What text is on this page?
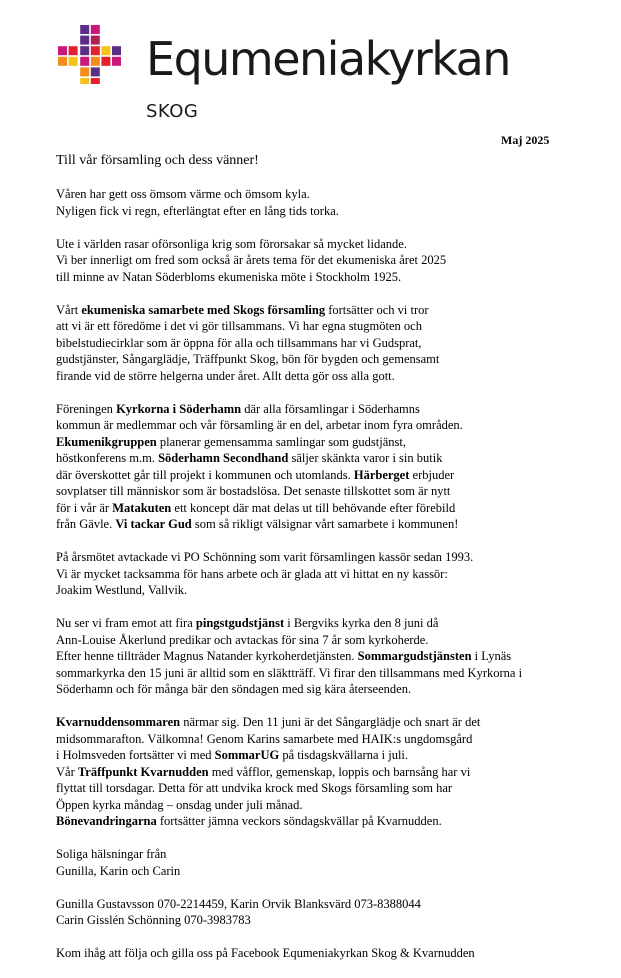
Equmeniakyrkan
SKOG
Maj 2025
Till vår församling och dess vänner!

Våren har gett oss ömsom värme och ömsom kyla.
Nyligen fick vi regn, efterlängtat efter en lång tids torka.

Ute i världen rasar oförsonliga krig som förorsakar så mycket lidande.
Vi ber innerligt om fred som också är årets tema för det ekumeniska året 2025
till minne av Natan Söderbloms ekumeniska möte i Stockholm 1925.

Vårt ekumeniska samarbete med Skogs församling fortsätter och vi tror
att vi är ett föredöme i det vi gör tillsammans. Vi har egna stugmöten och
bibelstudiecirklar som är öppna för alla och tillsammans har vi Gudsprat,
gudstjänster, Sångarglädje, Träffpunkt Skog, bön för bygden och gemensamt
firande vid de större helgerna under året. Allt detta gör oss alla gott.

Föreningen Kyrkorna i Söderhamn där alla församlingar i Söderhamns
kommun är medlemmar och vår församling är en del, arbetar inom fyra områden.
Ekumenikgruppen planerar gemensamma samlingar som gudstjänst,
höstkonferens m.m. Söderhamn Secondhand säljer skänkta varor i sin butik
där överskottet går till projekt i kommunen och utomlands. Härberget erbjuder
sovplatser till människor som är bostadslösa. Det senaste tillskottet som är nytt
för i vår är Matakuten ett koncept där mat delas ut till behövande efter förebild
från Gävle. Vi tackar Gud som så rikligt välsignar vårt samarbete i kommunen!

På årsmötet avtackade vi PO Schönning som varit församlingen kassör sedan 1993.
Vi är mycket tacksamma för hans arbete och är glada att vi hittat en ny kassör:
Joakim Westlund, Vallvik.

Nu ser vi fram emot att fira pingstgudstjänst i Bergviks kyrka den 8 juni då
Ann-Louise Åkerlund predikar och avtackas för sina 7 år som kyrkoherde.
Efter henne tillträder Magnus Natander kyrkoherdetjänsten. Sommargudstjänsten i Lynäs
sommarkyrka den 15 juni är alltid som en släktträff. Vi firar den tillsammans med Kyrkorna i
Söderhamn och för många bär den söndagen med sig kära återseenden.

Kvarnuddensommaren närmar sig. Den 11 juni är det Sångarglädje och snart är det
midsommarafton. Välkomna! Genom Karins samarbete med HAIK:s ungdomsgård
i Holmsveden fortsätter vi med SommarUG på tisdagskvällarna i juli.
Vår Träffpunkt Kvarnudden med våfflor, gemenskap, loppis och barnsång har vi
flyttat till torsdagar. Detta för att undvika krock med Skogs församling som har
Öppen kyrka måndag – onsdag under juli månad.
Bönevandringarna fortsätter jämna veckors söndagskvällar på Kvarnudden.

Soliga hälsningar från
Gunilla, Karin och Carin

Gunilla Gustavsson 070-2214459, Karin Orvik Blanksvärd 073-8388044
Carin Gisslén Schönning 070-3983783

Kom ihåg att följa och gilla oss på Facebook Equmeniakyrkan Skog & Kvarnudden
